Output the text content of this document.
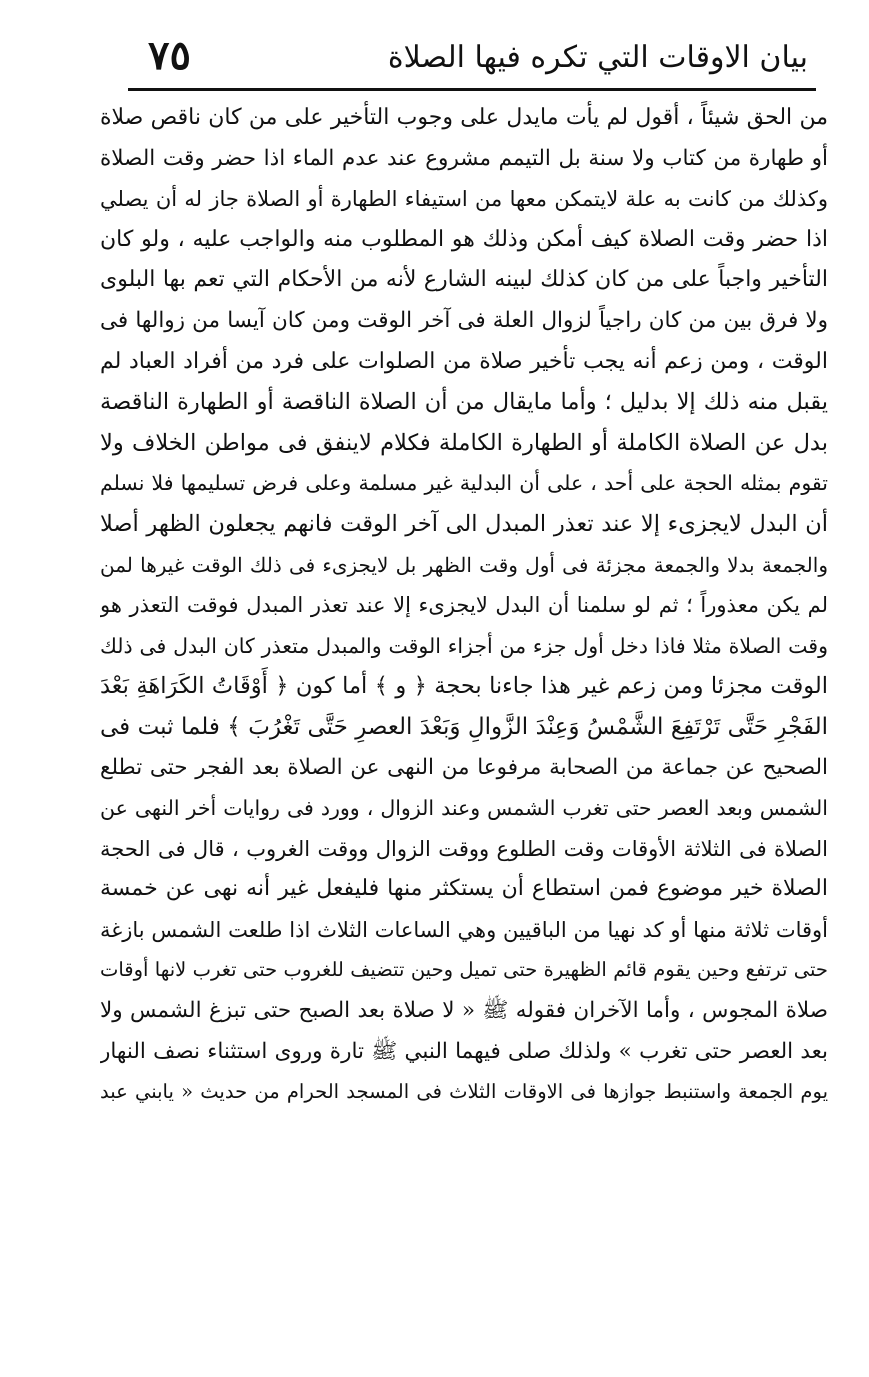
بيان الاوقات التي تكره فيها الصلاة
٧٥
من الحق شيئاً ، أقول لم يأت مايدل على وجوب التأخير على من كان ناقص صلاة
أو طهارة من كتاب ولا سنة بل التيمم مشروع عند عدم الماء اذا حضر وقت الصلاة
وكذلك من كانت به علة لايتمكن معها من استيفاء الطهارة أو الصلاة جاز له أن يصلي
اذا حضر وقت الصلاة كيف أمكن وذلك هو المطلوب منه والواجب عليه ، ولو كان
التأخير واجباً على من كان كذلك لبينه الشارع لأنه من الأحكام التي تعم بها البلوى
ولا فرق بين من كان راجياً لزوال العلة فى آخر الوقت ومن كان آيسا من زوالها فى
الوقت ، ومن زعم أنه يجب تأخير صلاة من الصلوات على فرد من أفراد العباد لم
يقبل منه ذلك إلا بدليل ؛ وأما مايقال من أن الصلاة الناقصة أو الطهارة الناقصة
بدل عن الصلاة الكاملة أو الطهارة الكاملة فكلام لاينفق فى مواطن الخلاف ولا
تقوم بمثله الحجة على أحد ، على أن البدلية غير مسلمة وعلى فرض تسليمها فلا نسلم
أن البدل لايجزىء إلا عند تعذر المبدل الى آخر الوقت فانهم يجعلون الظهر أصلا
والجمعة بدلا والجمعة مجزئة فى أول وقت الظهر بل لايجزىء فى ذلك الوقت غيرها لمن
لم يكن معذوراً ؛ ثم لو سلمنا أن البدل لايجزىء إلا عند تعذر المبدل فوقت التعذر هو
وقت الصلاة مثلا فاذا دخل أول جزء من أجزاء الوقت والمبدل متعذر كان البدل فى ذلك
الوقت مجزئا ومن زعم غير هذا جاءنا بحجة ﴿ و ﴾ أما كون ﴿ أَوْقَاتُ الكَرَاهَةِ بَعْدَ
الفَجْرِ حَتَّى تَرْتَفِعَ الشَّمْسُ وَعِنْدَ الزَّوالِ وَبَعْدَ العصرِ حَتَّى تَغْرُبَ ﴾ فلما ثبت فى
الصحيح عن جماعة من الصحابة مرفوعا من النهى عن الصلاة بعد الفجر حتى تطلع
الشمس وبعد العصر حتى تغرب الشمس وعند الزوال ، وورد فى روايات أخر النهى عن
الصلاة فى الثلاثة الأوقات وقت الطلوع ووقت الزوال ووقت الغروب ، قال فى الحجة
الصلاة خير موضوع فمن استطاع أن يستكثر منها فليفعل غير أنه نهى عن خمسة
أوقات ثلاثة منها أو كد نهيا من الباقيين وهي الساعات الثلاث اذا طلعت الشمس بازغة
حتى ترتفع وحين يقوم قائم الظهيرة حتى تميل وحين تتضيف للغروب حتى تغرب لانها أوقات
صلاة المجوس ، وأما الآخران فقوله ﷺ « لا صلاة بعد الصبح حتى تبزغ الشمس ولا
بعد العصر حتى تغرب » ولذلك صلى فيهما النبي ﷺ تارة وروى استثناء نصف النهار
يوم الجمعة واستنبط جوازها فى الاوقات الثلاث فى المسجد الحرام من حديث « يابني عبد
